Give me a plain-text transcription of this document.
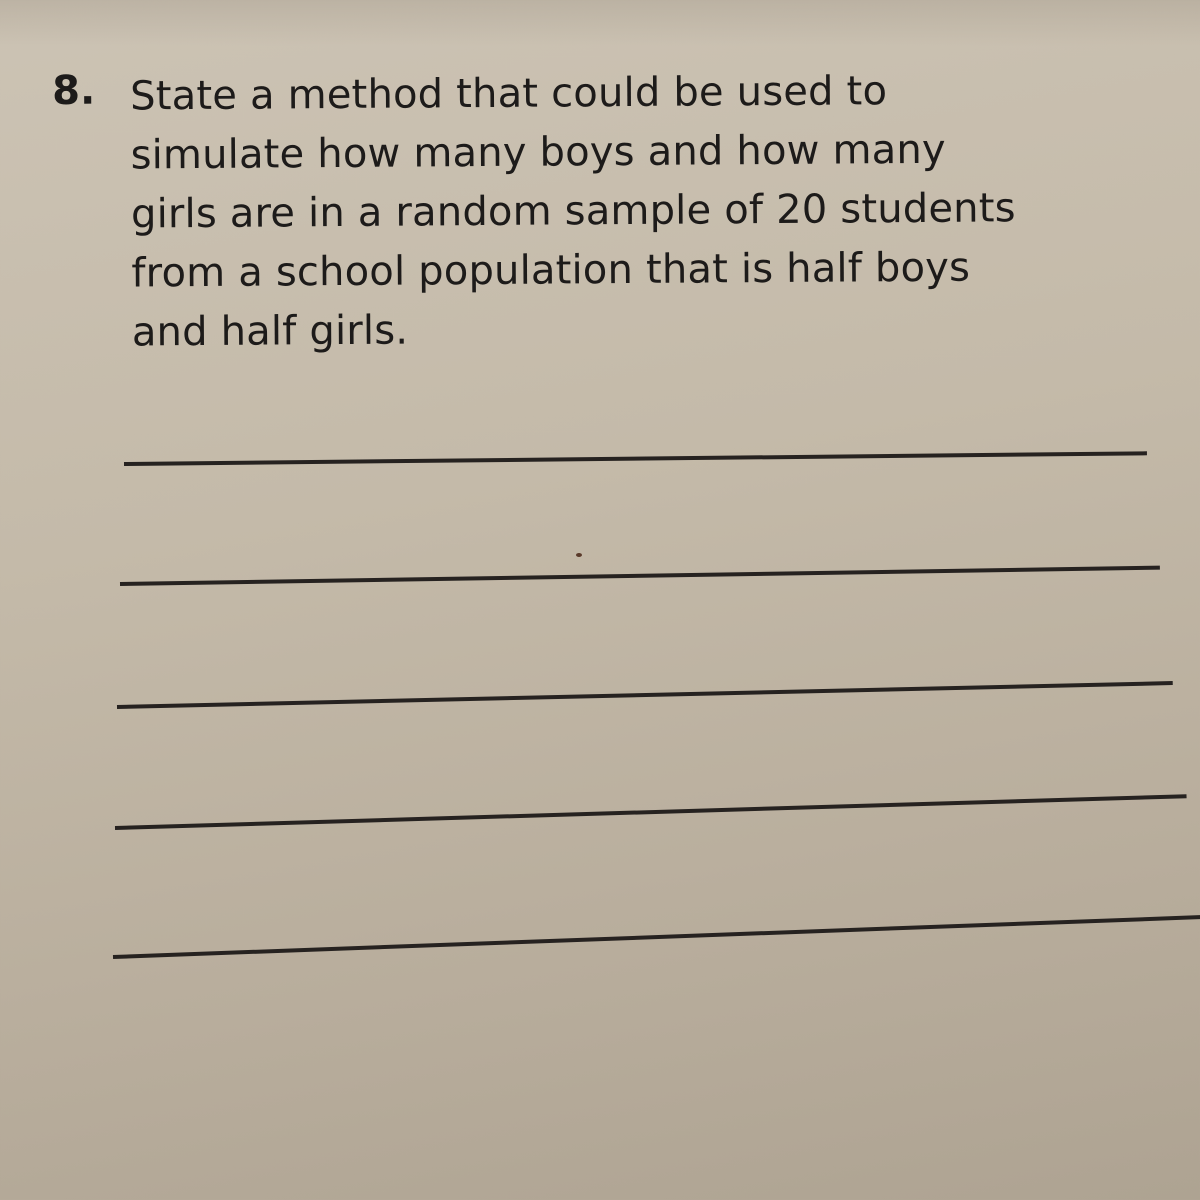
8. State a method that could be used to
simulate how many boys and how many
girls are in a random sample of 20 students
from a school population that is half boys
and half girls.
